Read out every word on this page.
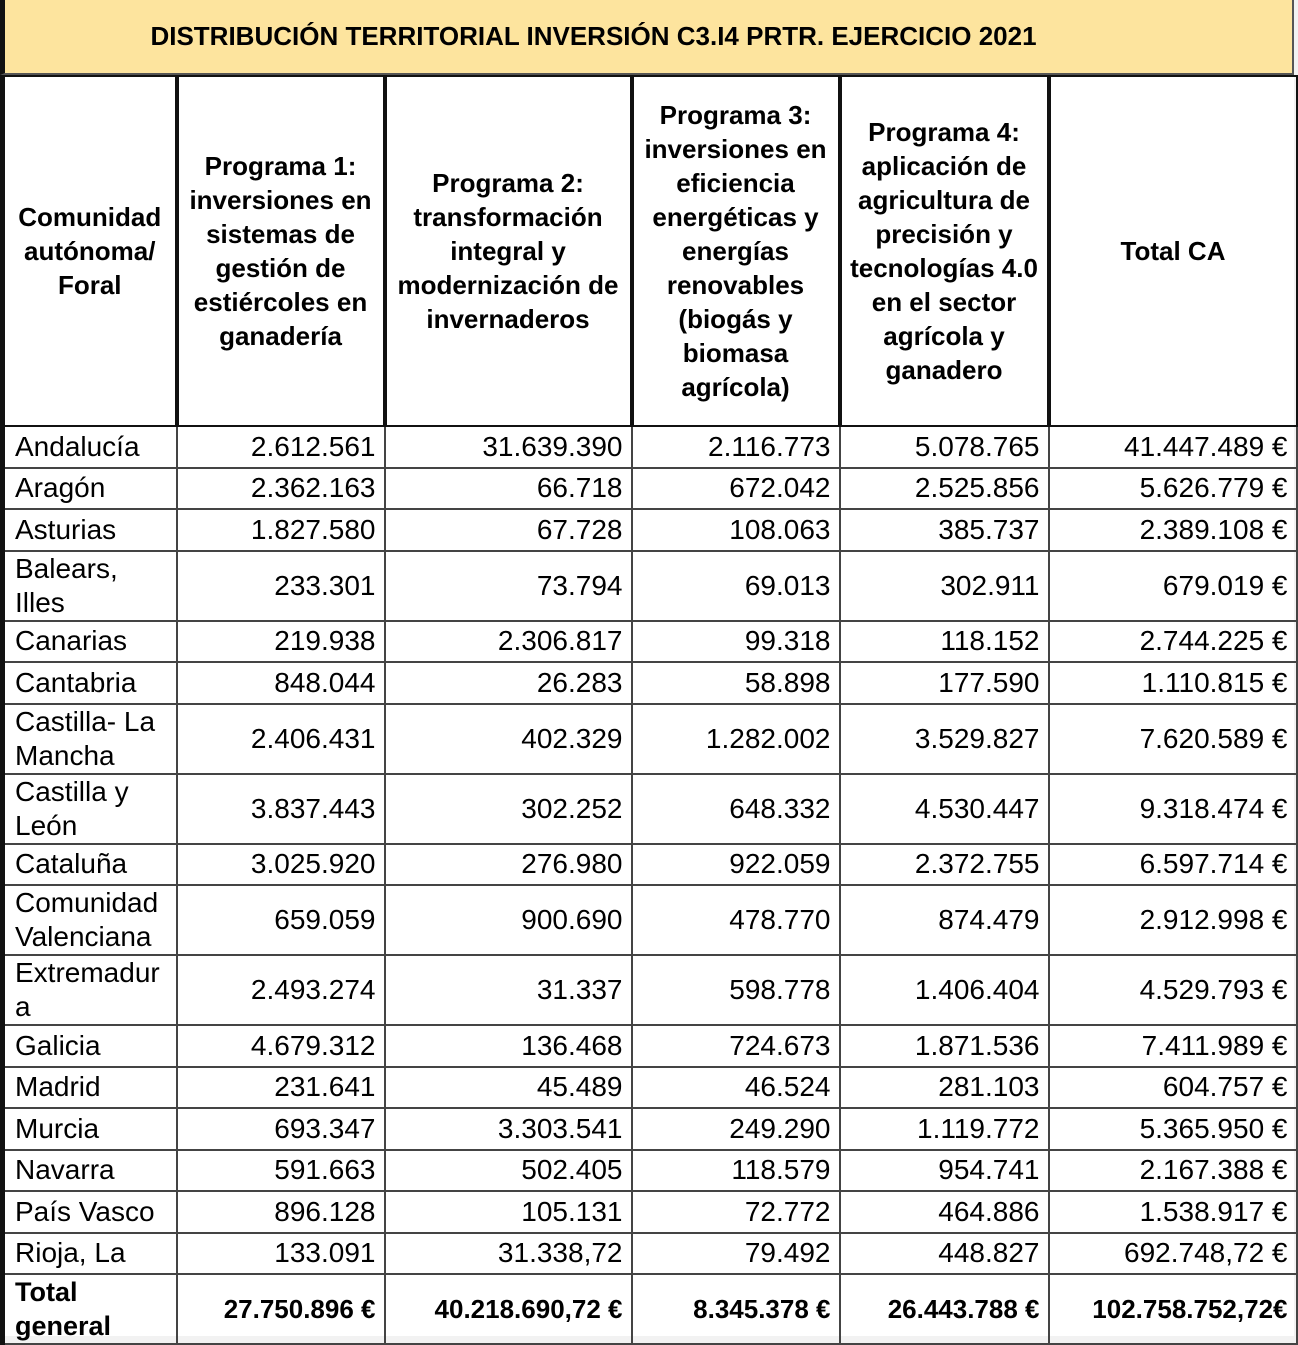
DISTRIBUCIÓN TERRITORIAL INVERSIÓN C3.I4 PRTR. EJERCICIO 2021
Comunidad autónoma/ Foral	Programa 1: inversiones en sistemas de gestión de estiércoles en ganadería	Programa 2: transformación integral y modernización de invernaderos	Programa 3: inversiones en eficiencia energéticas y energías renovables (biogás y biomasa agrícola)	Programa 4: aplicación de agricultura de precisión y tecnologías 4.0 en el sector agrícola y ganadero	Total CA
Andalucía	2.612.561	31.639.390	2.116.773	5.078.765	41.447.489 €
Aragón	2.362.163	66.718	672.042	2.525.856	5.626.779 €
Asturias	1.827.580	67.728	108.063	385.737	2.389.108 €
Balears, Illes	233.301	73.794	69.013	302.911	679.019 €
Canarias	219.938	2.306.817	99.318	118.152	2.744.225 €
Cantabria	848.044	26.283	58.898	177.590	1.110.815 €
Castilla- La Mancha	2.406.431	402.329	1.282.002	3.529.827	7.620.589 €
Castilla y León	3.837.443	302.252	648.332	4.530.447	9.318.474 €
Cataluña	3.025.920	276.980	922.059	2.372.755	6.597.714 €
Comunidad Valenciana	659.059	900.690	478.770	874.479	2.912.998 €
Extremadura	2.493.274	31.337	598.778	1.406.404	4.529.793 €
Galicia	4.679.312	136.468	724.673	1.871.536	7.411.989 €
Madrid	231.641	45.489	46.524	281.103	604.757 €
Murcia	693.347	3.303.541	249.290	1.119.772	5.365.950 €
Navarra	591.663	502.405	118.579	954.741	2.167.388 €
País Vasco	896.128	105.131	72.772	464.886	1.538.917 €
Rioja, La	133.091	31.338,72	79.492	448.827	692.748,72 €
Total general	27.750.896 €	40.218.690,72 €	8.345.378 €	26.443.788 €	102.758.752,72€
